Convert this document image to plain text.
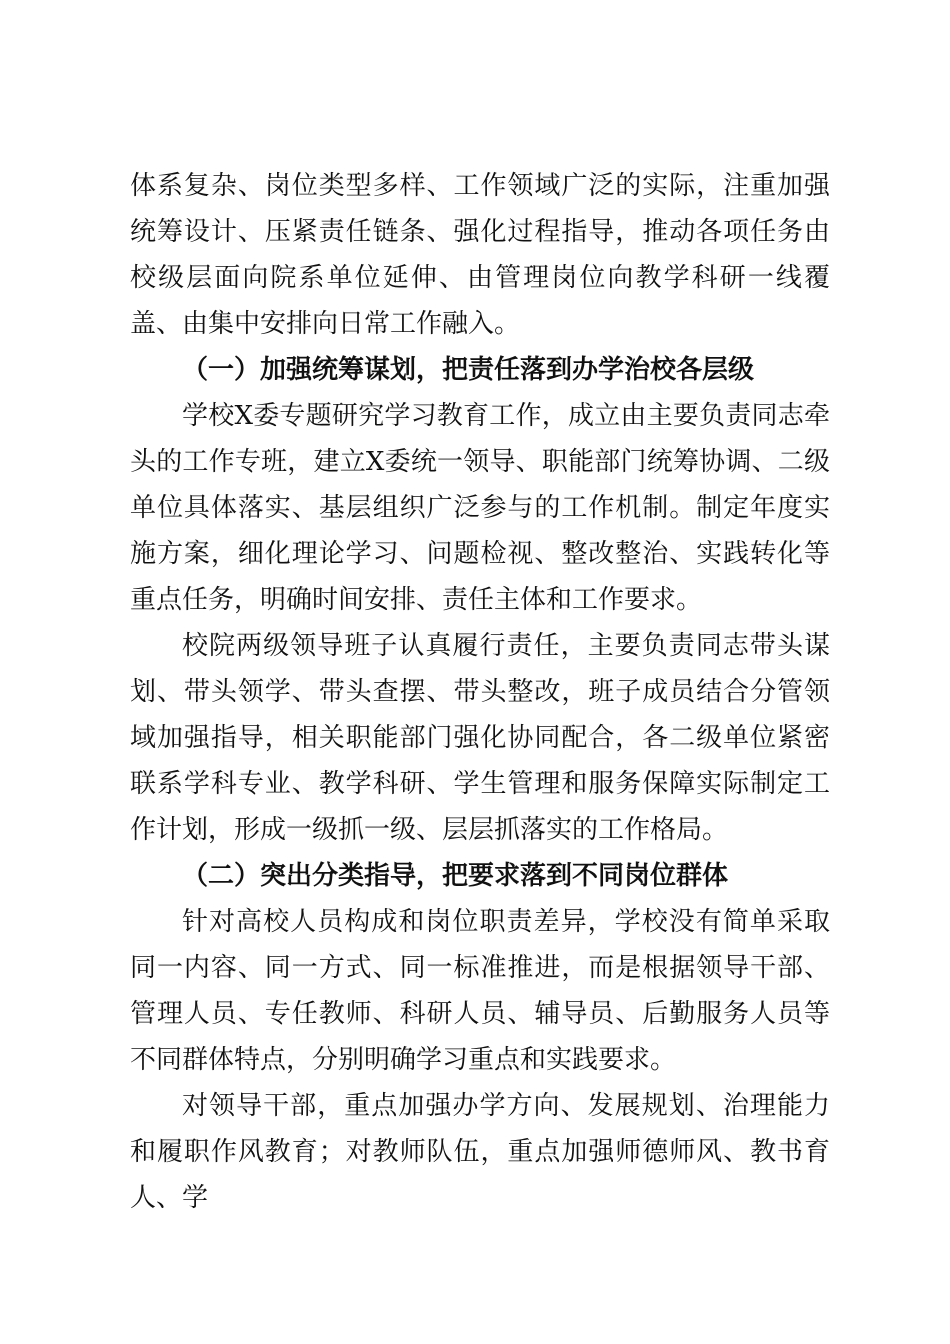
体系复杂、岗位类型多样、工作领域广泛的实际，注重加强统筹设计、压紧责任链条、强化过程指导，推动各项任务由校级层面向院系单位延伸、由管理岗位向教学科研一线覆盖、由集中安排向日常工作融入。

（一）加强统筹谋划，把责任落到办学治校各层级

学校X委专题研究学习教育工作，成立由主要负责同志牵头的工作专班，建立X委统一领导、职能部门统筹协调、二级单位具体落实、基层组织广泛参与的工作机制。制定年度实施方案，细化理论学习、问题检视、整改整治、实践转化等重点任务，明确时间安排、责任主体和工作要求。

校院两级领导班子认真履行责任，主要负责同志带头谋划、带头领学、带头查摆、带头整改，班子成员结合分管领域加强指导，相关职能部门强化协同配合，各二级单位紧密联系学科专业、教学科研、学生管理和服务保障实际制定工作计划，形成一级抓一级、层层抓落实的工作格局。

（二）突出分类指导，把要求落到不同岗位群体

针对高校人员构成和岗位职责差异，学校没有简单采取同一内容、同一方式、同一标准推进，而是根据领导干部、管理人员、专任教师、科研人员、辅导员、后勤服务人员等不同群体特点，分别明确学习重点和实践要求。

对领导干部，重点加强办学方向、发展规划、治理能力和履职作风教育；对教师队伍，重点加强师德师风、教书育人、学
